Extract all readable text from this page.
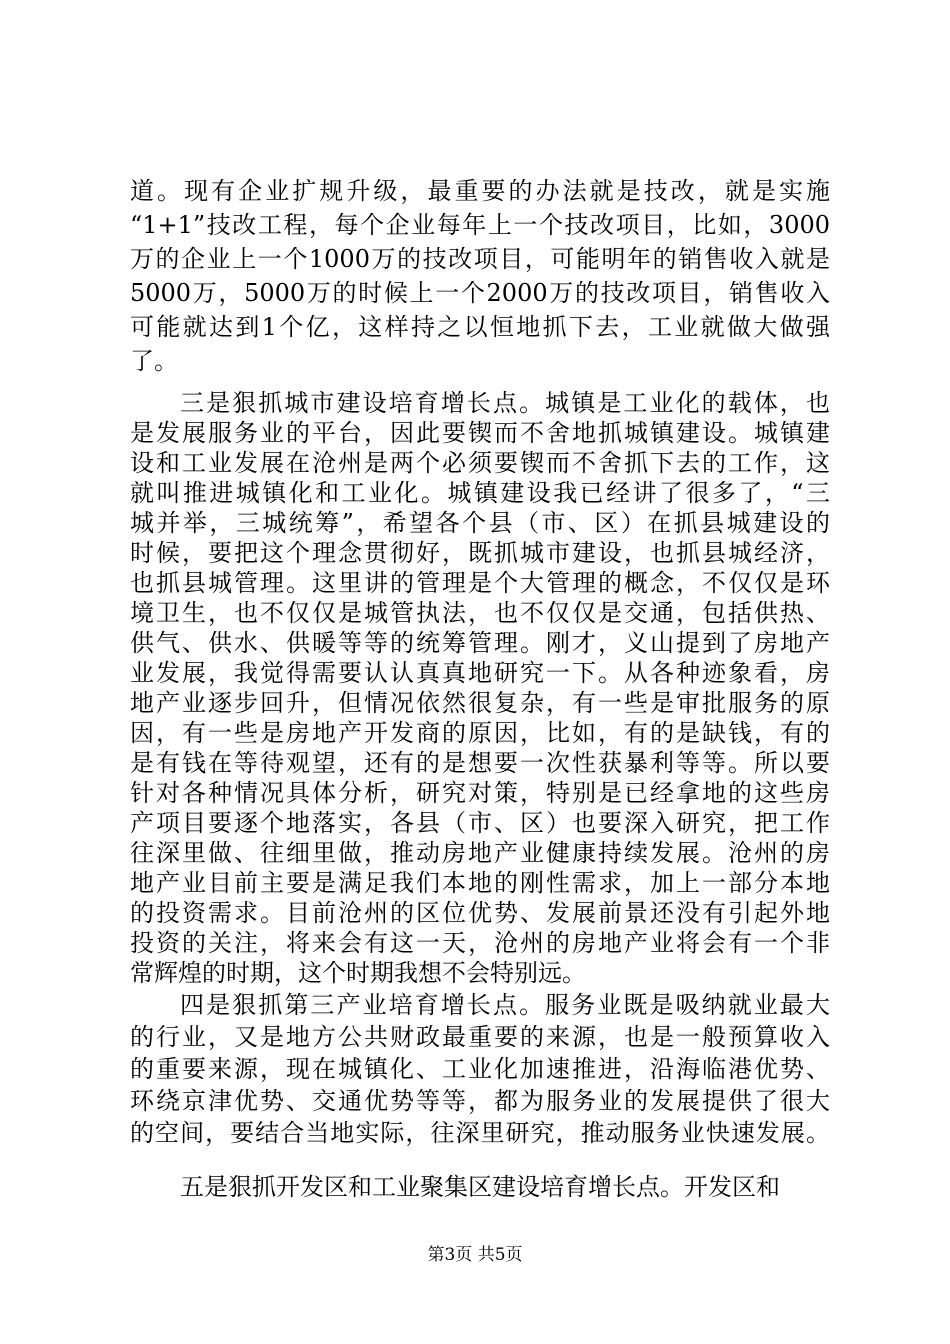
道。现有企业扩规升级，最重要的办法就是技改，就是实施
“1+1”技改工程，每个企业每年上一个技改项目，比如，3000
万的企业上一个1000万的技改项目，可能明年的销售收入就是
5000万，5000万的时候上一个2000万的技改项目，销售收入
可能就达到1个亿，这样持之以恒地抓下去，工业就做大做强
了。
三是狠抓城市建设培育增长点。城镇是工业化的载体，也
是发展服务业的平台，因此要锲而不舍地抓城镇建设。城镇建
设和工业发展在沧州是两个必须要锲而不舍抓下去的工作，这
就叫推进城镇化和工业化。城镇建设我已经讲了很多了，“三
城并举，三城统筹”，希望各个县（市、区）在抓县城建设的
时候，要把这个理念贯彻好，既抓城市建设，也抓县城经济，
也抓县城管理。这里讲的管理是个大管理的概念，不仅仅是环
境卫生，也不仅仅是城管执法，也不仅仅是交通，包括供热、
供气、供水、供暖等等的统筹管理。刚才，义山提到了房地产
业发展，我觉得需要认认真真地研究一下。从各种迹象看，房
地产业逐步回升，但情况依然很复杂，有一些是审批服务的原
因，有一些是房地产开发商的原因，比如，有的是缺钱，有的
是有钱在等待观望，还有的是想要一次性获暴利等等。所以要
针对各种情况具体分析，研究对策，特别是已经拿地的这些房
产项目要逐个地落实，各县（市、区）也要深入研究，把工作
往深里做、往细里做，推动房地产业健康持续发展。沧州的房
地产业目前主要是满足我们本地的刚性需求，加上一部分本地
的投资需求。目前沧州的区位优势、发展前景还没有引起外地
投资的关注，将来会有这一天，沧州的房地产业将会有一个非
常辉煌的时期，这个时期我想不会特别远。
四是狠抓第三产业培育增长点。服务业既是吸纳就业最大
的行业，又是地方公共财政最重要的来源，也是一般预算收入
的重要来源，现在城镇化、工业化加速推进，沿海临港优势、
环绕京津优势、交通优势等等，都为服务业的发展提供了很大
的空间，要结合当地实际，往深里研究，推动服务业快速发展。
五是狠抓开发区和工业聚集区建设培育增长点。开发区和
第3页 共5页
